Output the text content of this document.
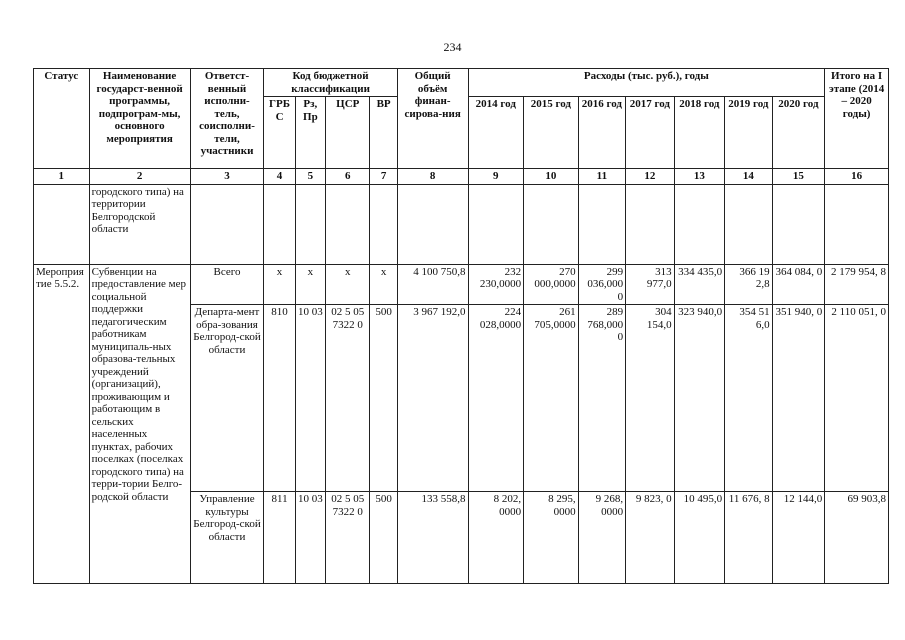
234
Статус	Наименование государст-венной программы, подпрограм-мы, основного мероприятия	Ответст-венный исполни-тель, соисполни-тели, участники	Код бюджетной классификации				Общий объём финан-сирова-ния	Расходы (тыс. руб.), годы							Итого на I этапе (2014 – 2020 годы)
			ГРБ С	Рз, Пр	ЦСР	ВР		2014 год	2015 год	2016 год	2017 год	2018 год	2019 год	2020 год	
1	2	3	4	5	6	7	8	9	10	11	12	13	14	15	16
	городского типа) на территории Белгородской области														
Мероприятие 5.5.2.	Субвенции на предоставление мер социальной поддержки педагогическим работникам муниципаль-ных образова-тельных учреждений (организаций), проживающим и работающим в сельских населенных пунктах, рабочих поселках (поселках городского типа) на терри-тории Белго-родской области	Всего	х	х	х	х	4 100 750,8	232 230,0000	270 000,0000	299 036,000 0	313 977,0	334 435,0	366 19 2,8	364 084, 0	2 179 954, 8
		Департа-мент обра-зования Белгород-ской области	810	10 03	02 5 05 7322 0	500	3 967 192,0	224 028,0000	261 705,0000	289 768,000 0	304 154,0	323 940,0	354 51 6,0	351 940, 0	2 110 051, 0
		Управление культуры Белгород-ской области	811	10 03	02 5 05 7322 0	500	133 558,8	8 202, 0000	8 295, 0000	9 268, 0000	9 823, 0	10 495,0	11 676, 8	12 144,0	69 903,8
